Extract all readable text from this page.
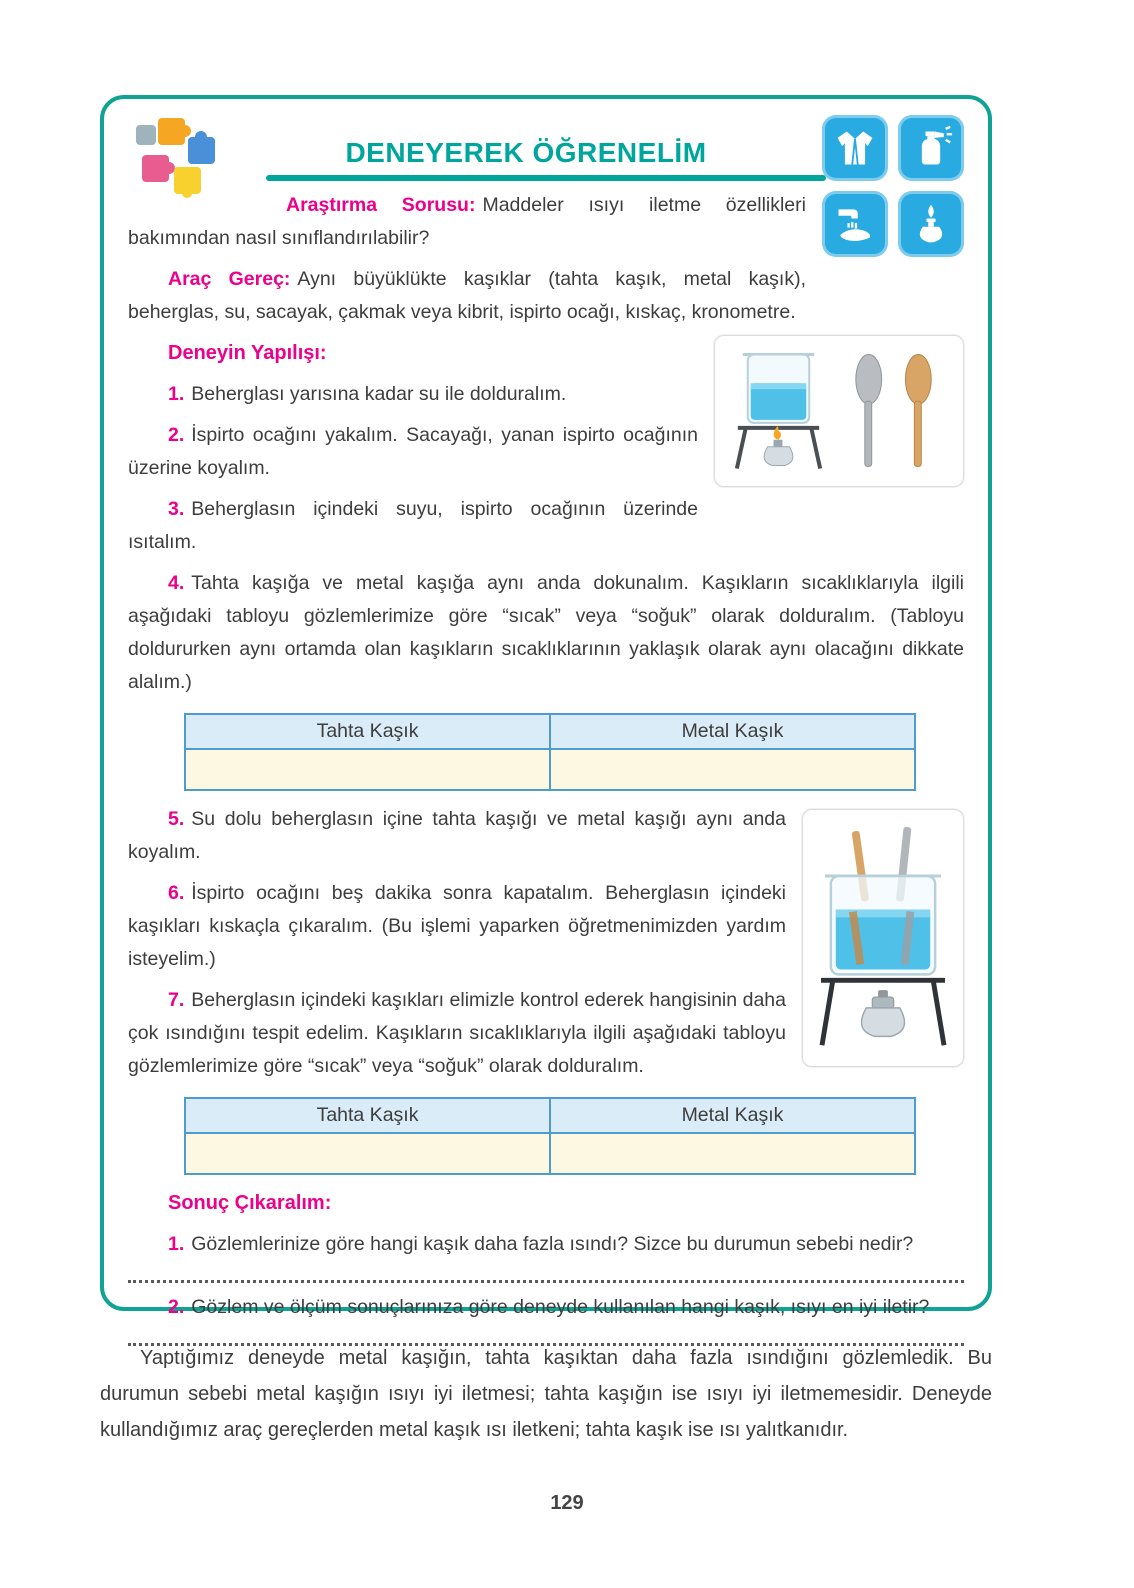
DENEYEREK ÖĞRENELİM

Araştırma Sorusu: Maddeler ısıyı iletme özellikleri bakımından nasıl sınıflandırılabilir?

Araç Gereç: Aynı büyüklükte kaşıklar (tahta kaşık, metal kaşık), beherglas, su, sacayak, çakmak veya kibrit, ispirto ocağı, kıskaç, kronometre.

Deneyin Yapılışı:

1. Beherglası yarısına kadar su ile dolduralım.

2. İspirto ocağını yakalım. Sacayağı, yanan ispirto ocağının üzerine koyalım.

3. Beherglasın içindeki suyu, ispirto ocağının üzerinde ısıtalım.

4. Tahta kaşığa ve metal kaşığa aynı anda dokunalım. Kaşıkların sıcaklıklarıyla ilgili aşağıdaki tabloyu gözlemlerimize göre “sıcak” veya “soğuk” olarak dolduralım. (Tabloyu doldururken aynı ortamda olan kaşıkların sıcaklıklarının yaklaşık olarak aynı olacağını dikkate alalım.)

Tahta Kaşık	Metal Kaşık

5. Su dolu beherglasın içine tahta kaşığı ve metal kaşığı aynı anda koyalım.

6. İspirto ocağını beş dakika sonra kapatalım. Beherglasın içindeki kaşıkları kıskaçla çıkaralım. (Bu işlemi yaparken öğretmenimizden yardım isteyelim.)

7. Beherglasın içindeki kaşıkları elimizle kontrol ederek hangisinin daha çok ısındığını tespit edelim. Kaşıkların sıcaklıklarıyla ilgili aşağıdaki tabloyu gözlemlerimize göre “sıcak” veya “soğuk” olarak dolduralım.

Tahta Kaşık	Metal Kaşık

Sonuç Çıkaralım:

1. Gözlemlerinize göre hangi kaşık daha fazla ısındı? Sizce bu durumun sebebi nedir?

2. Gözlem ve ölçüm sonuçlarınıza göre deneyde kullanılan hangi kaşık, ısıyı en iyi iletir?

Yaptığımız deneyde metal kaşığın, tahta kaşıktan daha fazla ısındığını gözlemledik. Bu durumun sebebi metal kaşığın ısıyı iyi iletmesi; tahta kaşığın ise ısıyı iyi iletmemesidir. Deneyde kullandığımız araç gereçlerden metal kaşık ısı iletkeni; tahta kaşık ise ısı yalıtkanıdır.

129
